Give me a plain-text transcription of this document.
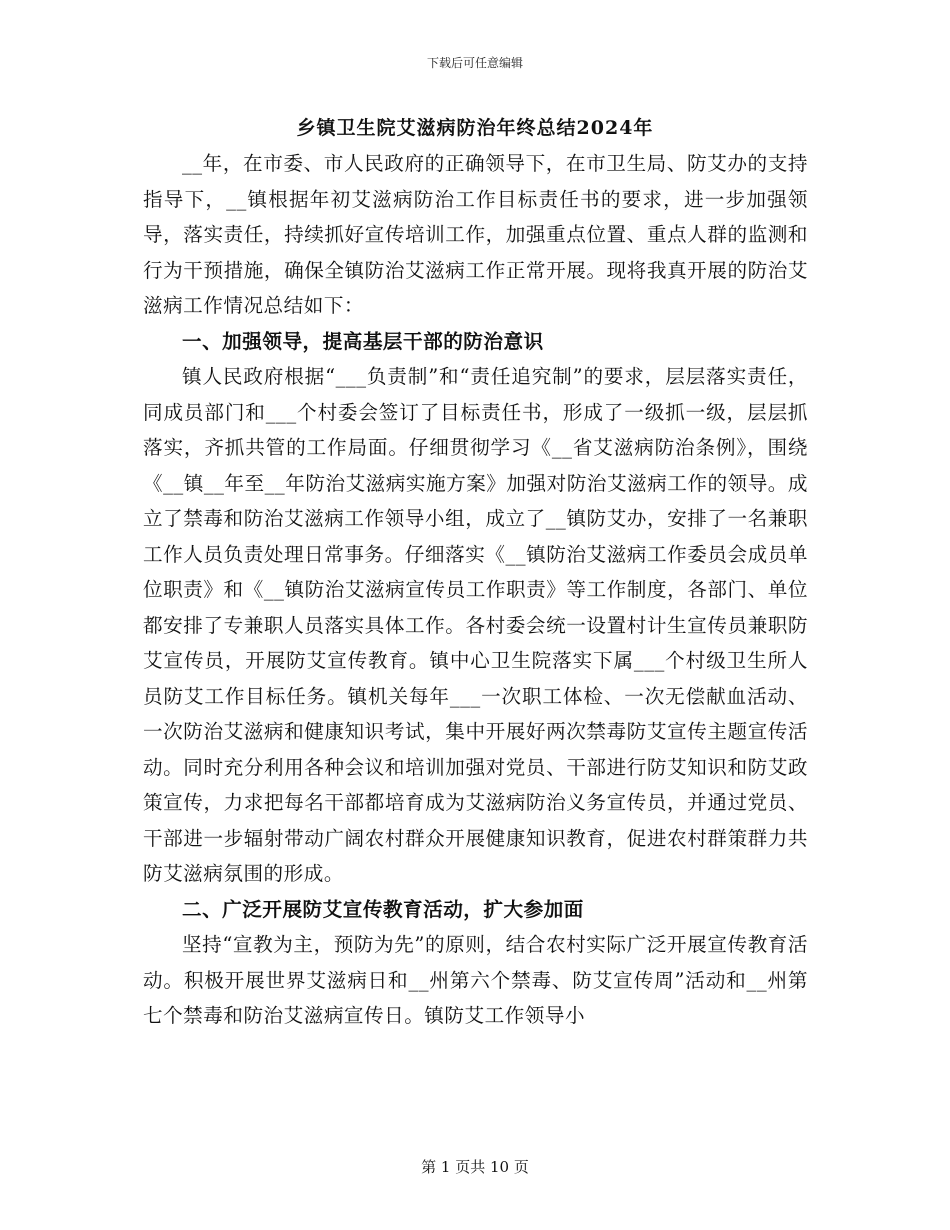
下载后可任意编辑
乡镇卫生院艾滋病防治年终总结2024年

__年，在市委、市人民政府的正确领导下，在市卫生局、防艾办的支持指导下，__镇根据年初艾滋病防治工作目标责任书的要求，进一步加强领导，落实责任，持续抓好宣传培训工作，加强重点位置、重点人群的监测和行为干预措施，确保全镇防治艾滋病工作正常开展。现将我真开展的防治艾滋病工作情况总结如下：

一、加强领导，提高基层干部的防治意识

镇人民政府根据“___负责制”和“责任追究制”的要求，层层落实责任，同成员部门和___个村委会签订了目标责任书，形成了一级抓一级，层层抓落实，齐抓共管的工作局面。仔细贯彻学习《__省艾滋病防治条例》，围绕《__镇__年至__年防治艾滋病实施方案》加强对防治艾滋病工作的领导。成立了禁毒和防治艾滋病工作领导小组，成立了__镇防艾办，安排了一名兼职工作人员负责处理日常事务。仔细落实《__镇防治艾滋病工作委员会成员单位职责》和《__镇防治艾滋病宣传员工作职责》等工作制度，各部门、单位都安排了专兼职人员落实具体工作。各村委会统一设置村计生宣传员兼职防艾宣传员，开展防艾宣传教育。镇中心卫生院落实下属___个村级卫生所人员防艾工作目标任务。镇机关每年___一次职工体检、一次无偿献血活动、一次防治艾滋病和健康知识考试，集中开展好两次禁毒防艾宣传主题宣传活动。同时充分利用各种会议和培训加强对党员、干部进行防艾知识和防艾政策宣传，力求把每名干部都培育成为艾滋病防治义务宣传员，并通过党员、干部进一步辐射带动广阔农村群众开展健康知识教育，促进农村群策群力共防艾滋病氛围的形成。

二、广泛开展防艾宣传教育活动，扩大参加面

坚持“宣教为主，预防为先”的原则，结合农村实际广泛开展宣传教育活动。积极开展世界艾滋病日和__州第六个禁毒、防艾宣传周”活动和__州第七个禁毒和防治艾滋病宣传日。镇防艾工作领导小

第 1 页共 10 页
